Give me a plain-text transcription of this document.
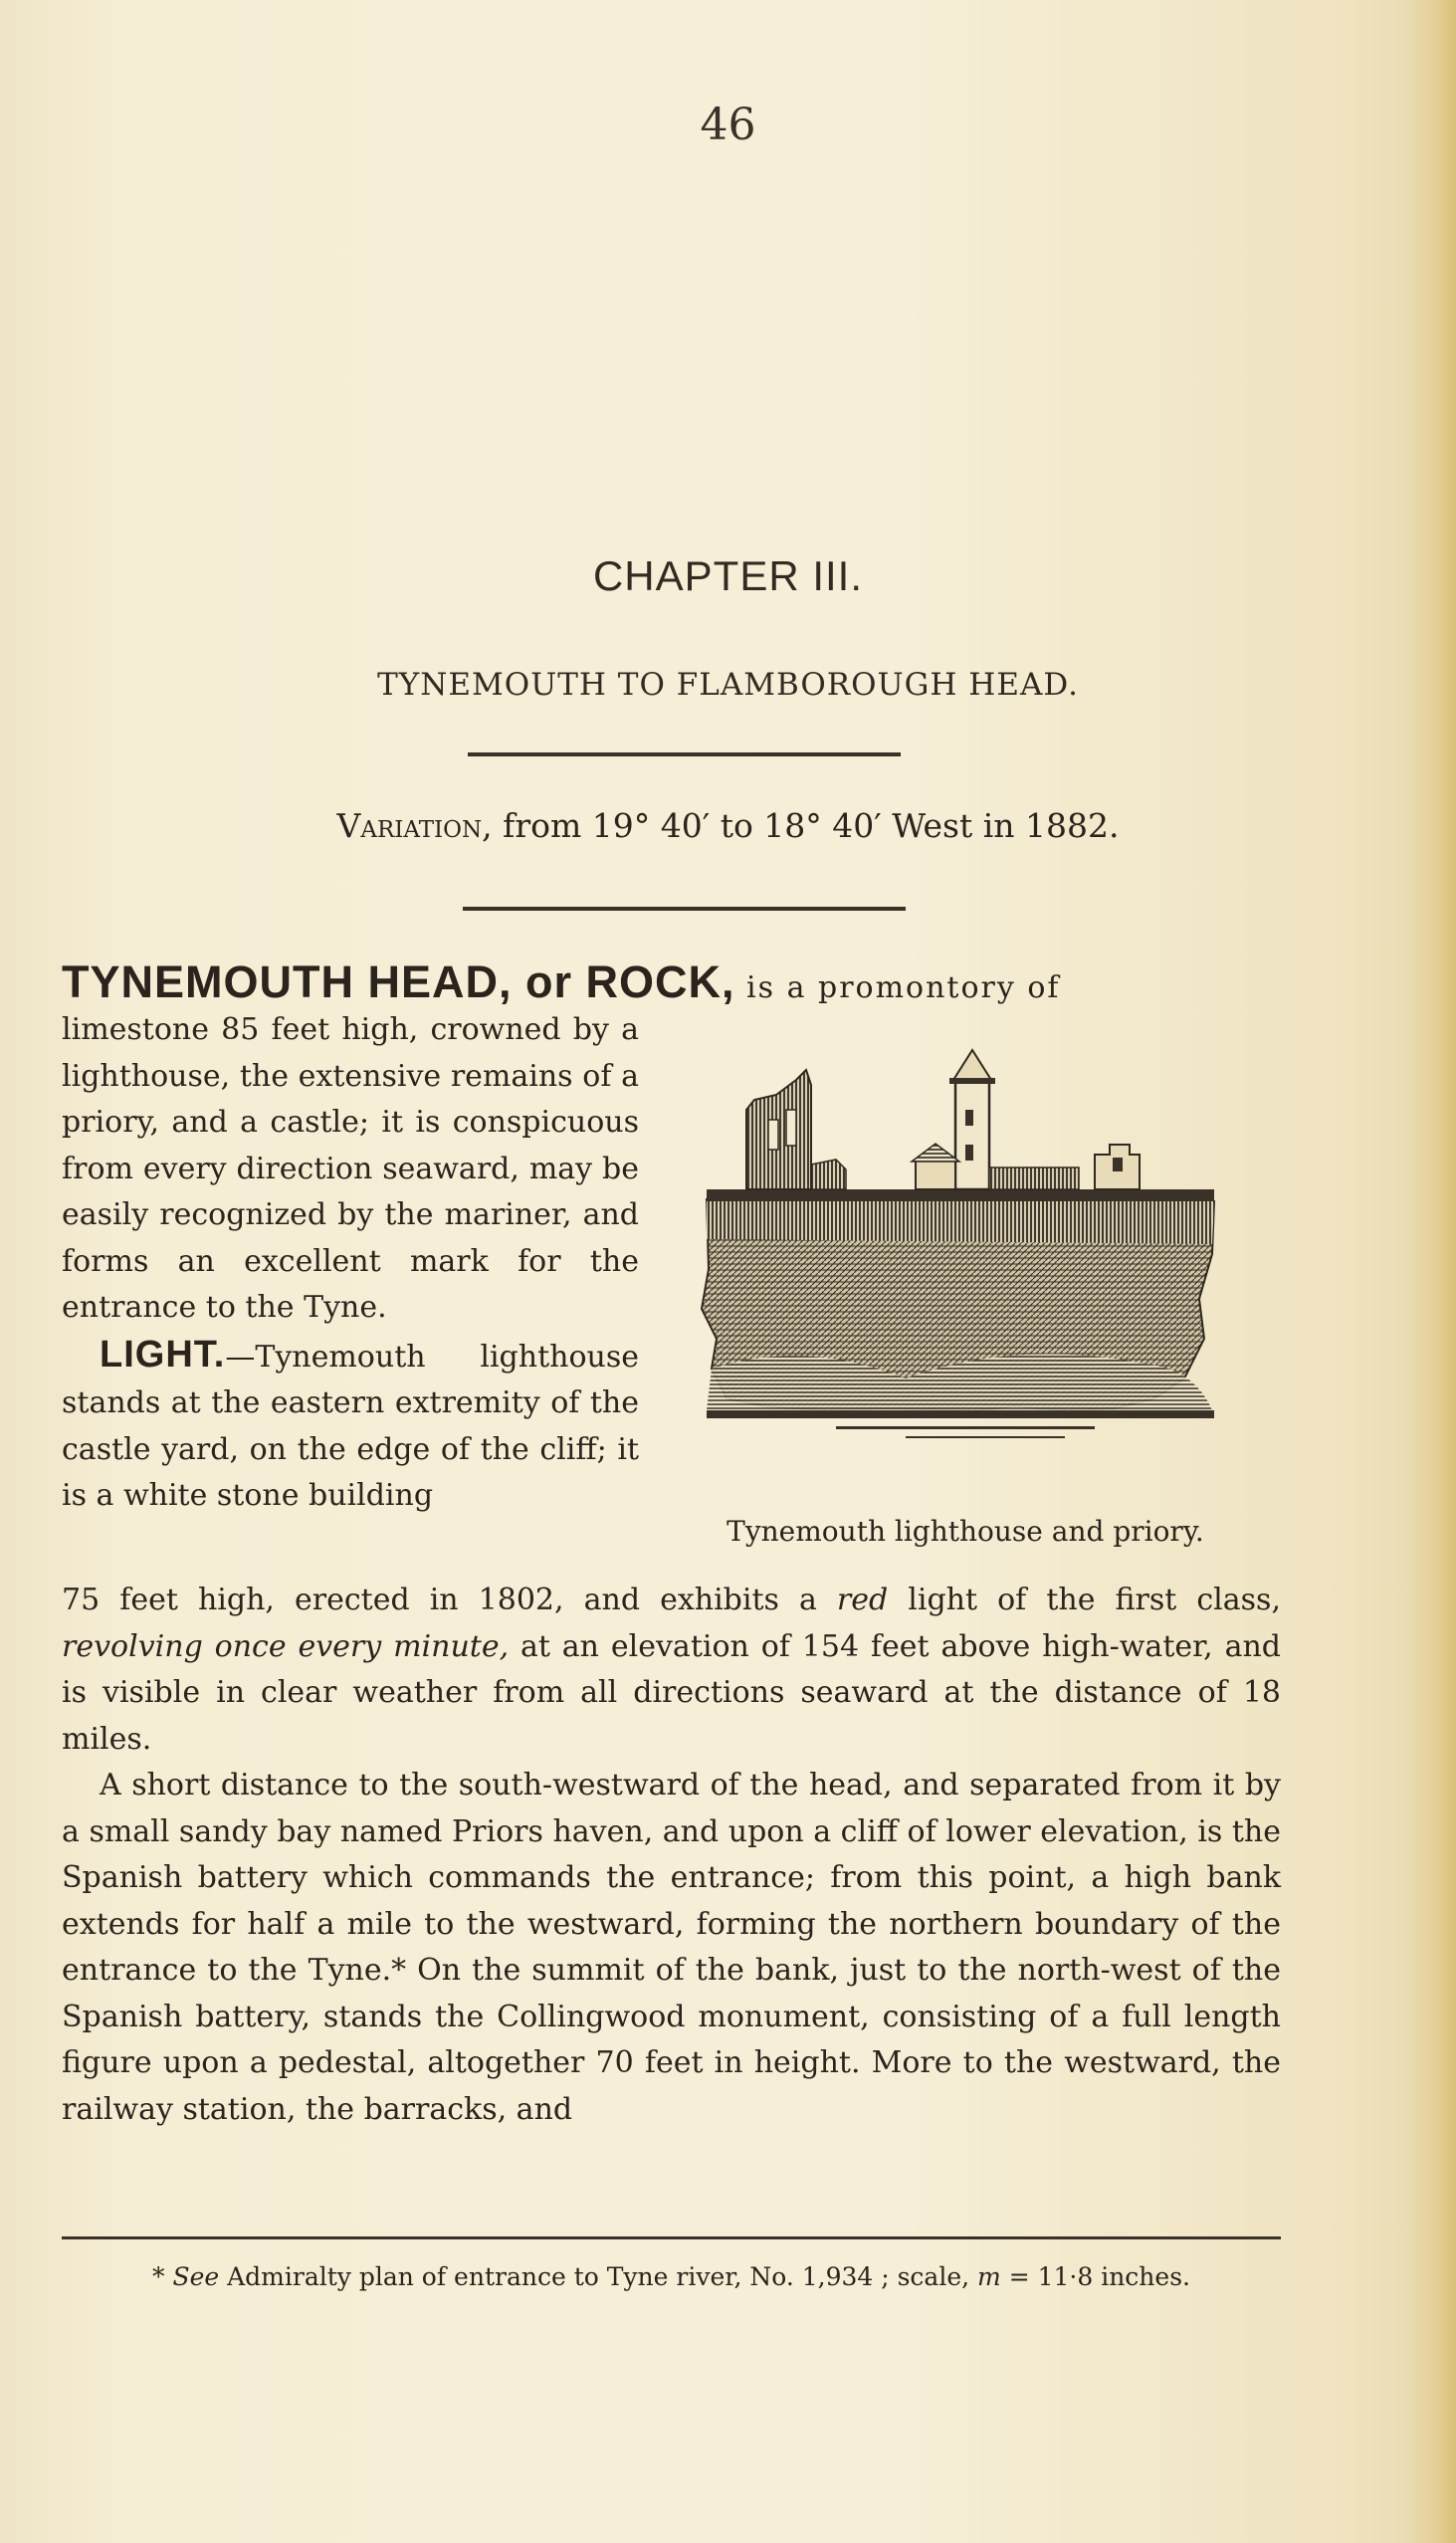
46
CHAPTER III.
TYNEMOUTH TO FLAMBOROUGH HEAD.
Variation, from 19° 40′ to 18° 40′ West in 1882.
TYNEMOUTH HEAD, or ROCK, is a promontory of

limestone 85 feet high, crowned by a lighthouse, the extensive remains of a priory, and a castle; it is conspicuous from every direction seaward, may be easily recognized by the mariner, and forms an excellent mark for the entrance to the Tyne.

LIGHT.—Tynemouth lighthouse stands at the eastern extremity of the castle yard, on the edge of the cliff; it is a white stone building

Tynemouth lighthouse and priory.

75 feet high, erected in 1802, and exhibits a red light of the first class, revolving once every minute, at an elevation of 154 feet above high-water, and is visible in clear weather from all directions seaward at the distance of 18 miles.

A short distance to the south-westward of the head, and separated from it by a small sandy bay named Priors haven, and upon a cliff of lower elevation, is the Spanish battery which commands the entrance; from this point, a high bank extends for half a mile to the westward, forming the northern boundary of the entrance to the Tyne.* On the summit of the bank, just to the north-west of the Spanish battery, stands the Collingwood monument, consisting of a full length figure upon a pedestal, altogether 70 feet in height. More to the westward, the railway station, the barracks, and

* See Admiralty plan of entrance to Tyne river, No. 1,934 ; scale, m = 11·8 inches.
